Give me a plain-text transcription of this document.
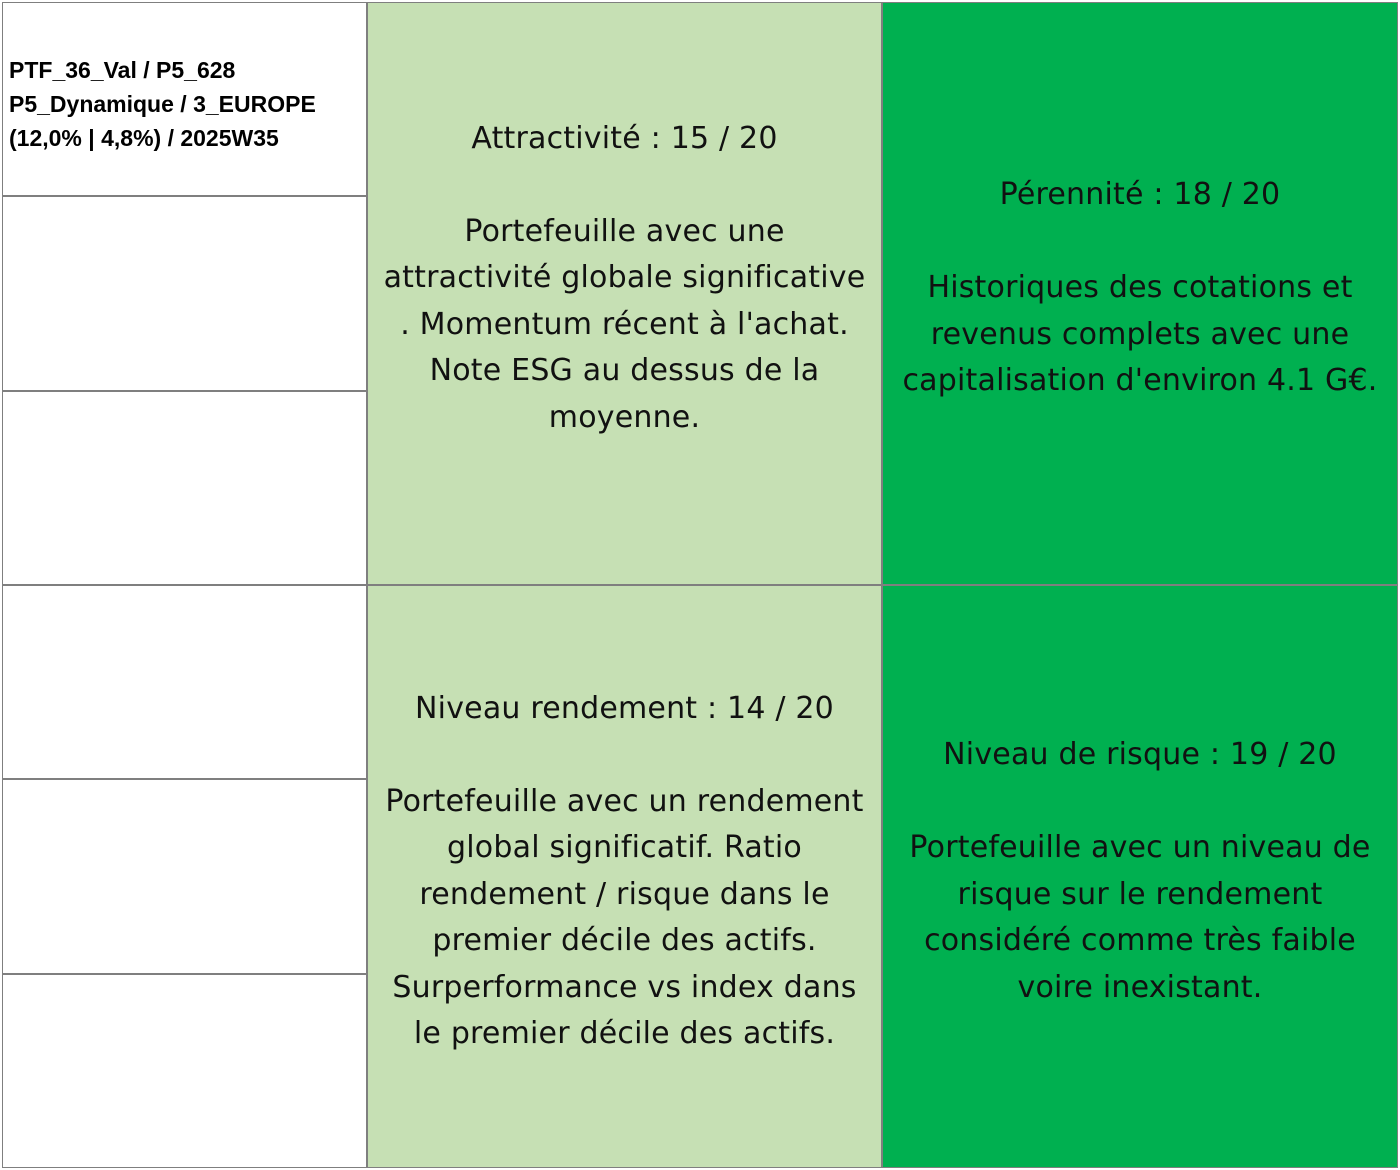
PTF_36_Val / P5_628
P5_Dynamique / 3_EUROPE
(12,0% | 4,8%) / 2025W35	Attractivité : 15 / 20

Portefeuille avec une

attractivité globale significative

. Momentum récent à l'achat.

Note ESG au dessus de la

moyenne.

Pérennité : 18 / 20

Historiques des cotations et

revenus complets avec une

capitalisation d'environ 4.1 G€.

Niveau rendement : 14 / 20

Portefeuille avec un rendement

global significatif. Ratio

rendement / risque dans le

premier décile des actifs.

Surperformance vs index dans

le premier décile des actifs.

Niveau de risque : 19 / 20

Portefeuille avec un niveau de

risque sur le rendement

considéré comme très faible

voire inexistant.
